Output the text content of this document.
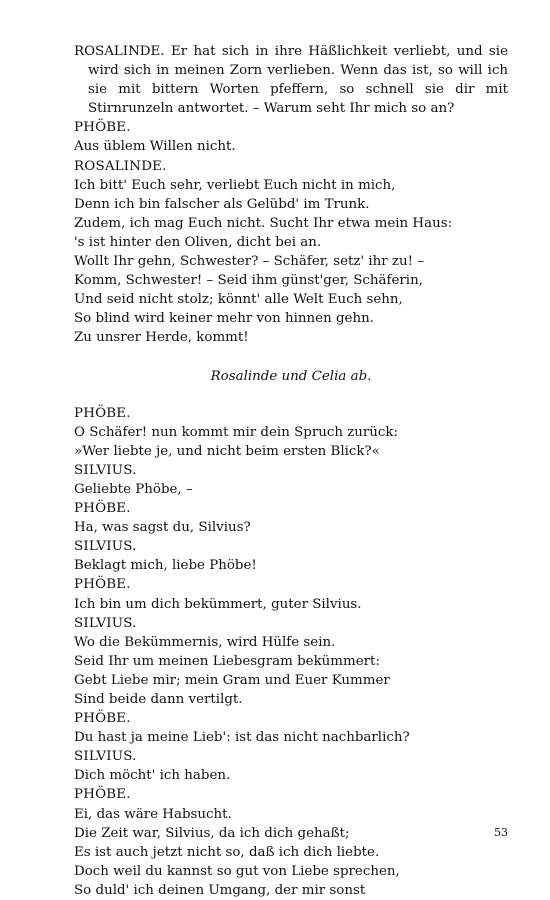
ROSALINDE. Er hat sich in ihre Häßlichkeit verliebt, und sie wird sich in meinen Zorn verlieben. Wenn das ist, so will ich sie mit bittern Worten pfeffern, so schnell sie dir mit Stirnrunzeln antwortet. – Warum seht Ihr mich so an?
PHÖBE.
Aus üblem Willen nicht.
ROSALINDE.
Ich bitt' Euch sehr, verliebt Euch nicht in mich,
Denn ich bin falscher als Gelübd' im Trunk.
Zudem, ich mag Euch nicht. Sucht Ihr etwa mein Haus:
's ist hinter den Oliven, dicht bei an.
Wollt Ihr gehn, Schwester? – Schäfer, setz' ihr zu! –
Komm, Schwester! – Seid ihm günst'ger, Schäferin,
Und seid nicht stolz; könnt' alle Welt Euch sehn,
So blind wird keiner mehr von hinnen gehn.
Zu unsrer Herde, kommt!
Rosalinde und Celia ab.
PHÖBE.
O Schäfer! nun kommt mir dein Spruch zurück:
»Wer liebte je, und nicht beim ersten Blick?«
SILVIUS.
Geliebte Phöbe, –
PHÖBE.
Ha, was sagst du, Silvius?
SILVIUS.
Beklagt mich, liebe Phöbe!
PHÖBE.
Ich bin um dich bekümmert, guter Silvius.
SILVIUS.
Wo die Bekümmernis, wird Hülfe sein.
Seid Ihr um meinen Liebesgram bekümmert:
Gebt Liebe mir; mein Gram und Euer Kummer
Sind beide dann vertilgt.
PHÖBE.
Du hast ja meine Lieb': ist das nicht nachbarlich?
SILVIUS.
Dich möcht' ich haben.
PHÖBE.
Ei, das wäre Habsucht.
Die Zeit war, Silvius, da ich dich gehaßt;
Es ist auch jetzt nicht so, daß ich dich liebte.
Doch weil du kannst so gut von Liebe sprechen,
So duld' ich deinen Umgang, der mir sonst
53
